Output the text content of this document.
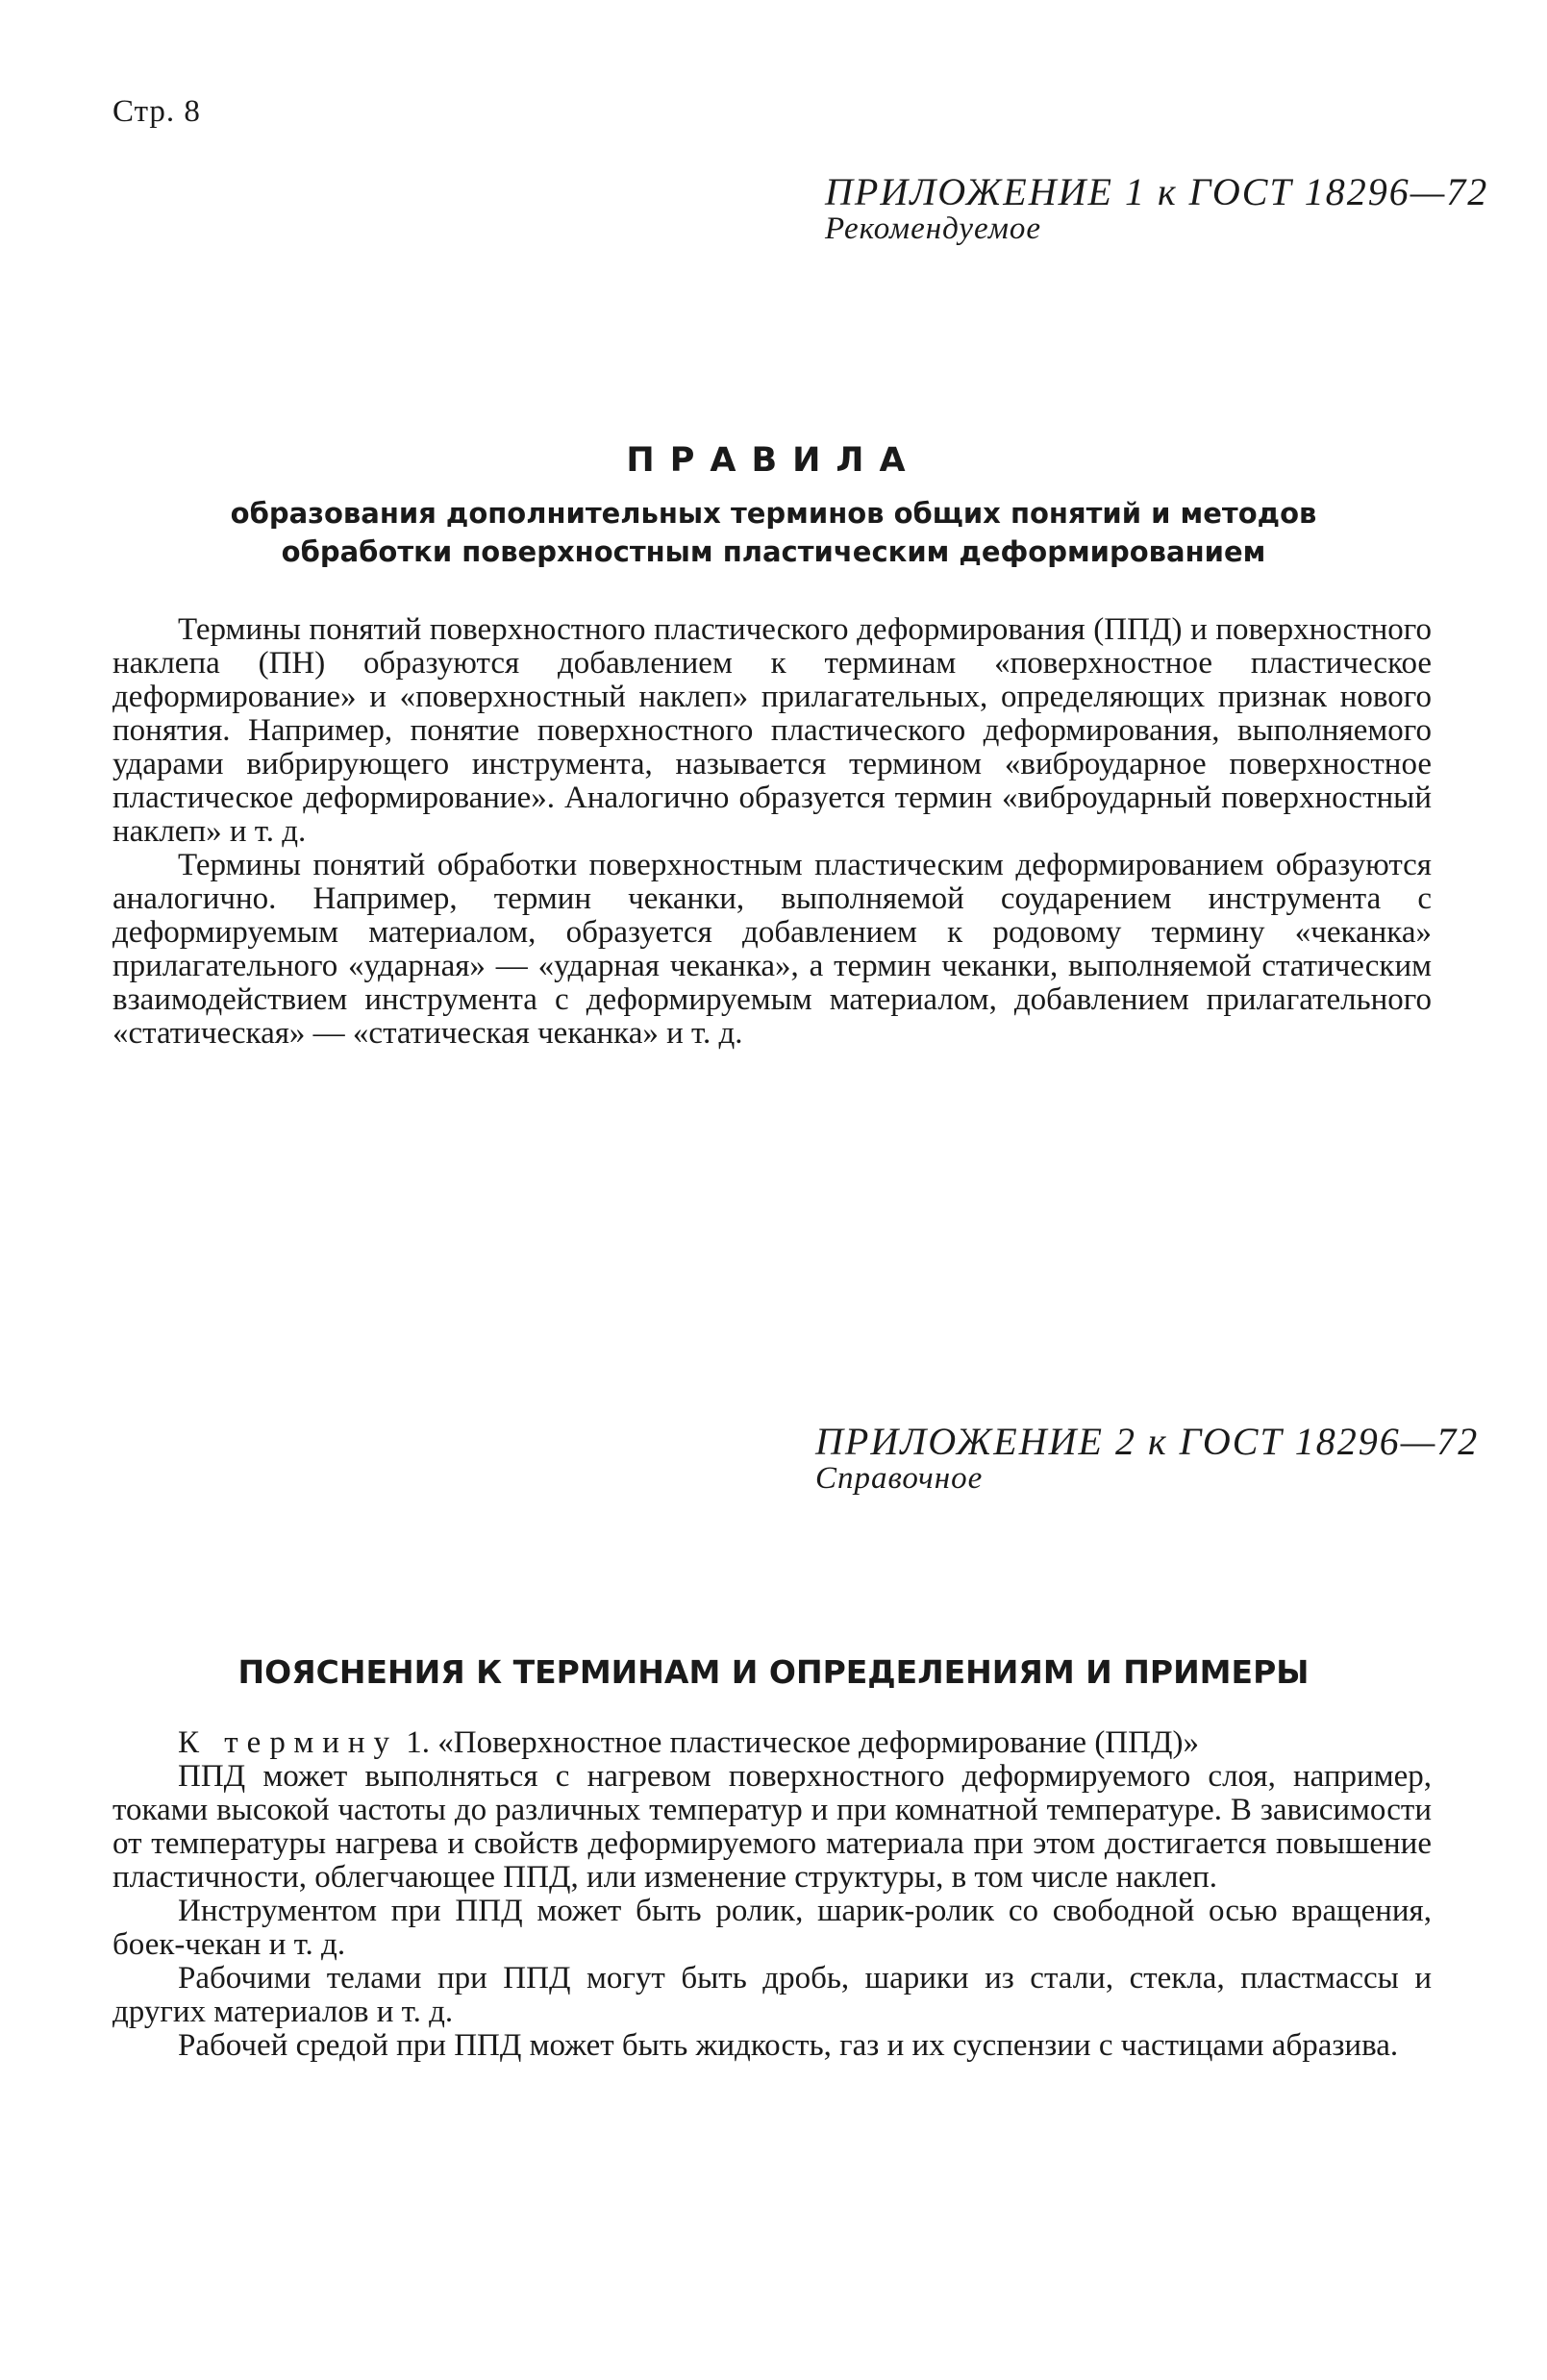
Стр. 8
ПРИЛОЖЕНИЕ 1 к ГОСТ 18296—72
Рекомендуемое
ПРАВИЛА
образования дополнительных терминов общих понятий и методов
обработки поверхностным пластическим деформированием

Термины понятий поверхностного пластического деформирования (ППД) и поверхностного наклепа (ПН) образуются добавлением к терминам «поверхностное пластическое деформирование» и «поверхностный наклеп» прилагательных, определяющих признак нового понятия. Например, понятие поверхностного пластического деформирования, выполняемого ударами вибрирующего инструмента, называется термином «виброударное поверхностное пластическое деформирование». Аналогично образуется термин «виброударный поверхностный наклеп» и т. д.

Термины понятий обработки поверхностным пластическим деформированием образуются аналогично. Например, термин чеканки, выполняемой соударением инструмента с деформируемым материалом, образуется добавлением к родовому термину «чеканка» прилагательного «ударная» — «ударная чеканка», а термин чеканки, выполняемой статическим взаимодействием инструмента с деформируемым материалом, добавлением прилагательного «статическая» — «статическая чеканка» и т. д.

ПРИЛОЖЕНИЕ 2 к ГОСТ 18296—72
Справочное
ПОЯСНЕНИЯ К ТЕРМИНАМ И ОПРЕДЕЛЕНИЯМ И ПРИМЕРЫ

К термину 1. «Поверхностное пластическое деформирование (ППД)»

ППД может выполняться с нагревом поверхностного деформируемого слоя, например, токами высокой частоты до различных температур и при комнатной температуре. В зависимости от температуры нагрева и свойств деформируемого материала при этом достигается повышение пластичности, облегчающее ППД, или изменение структуры, в том числе наклеп.

Инструментом при ППД может быть ролик, шарик-ролик со свободной осью вращения, боек-чекан и т. д.

Рабочими телами при ППД могут быть дробь, шарики из стали, стекла, пластмассы и других материалов и т. д.

Рабочей средой при ППД может быть жидкость, газ и их суспензии с частицами абразива.
